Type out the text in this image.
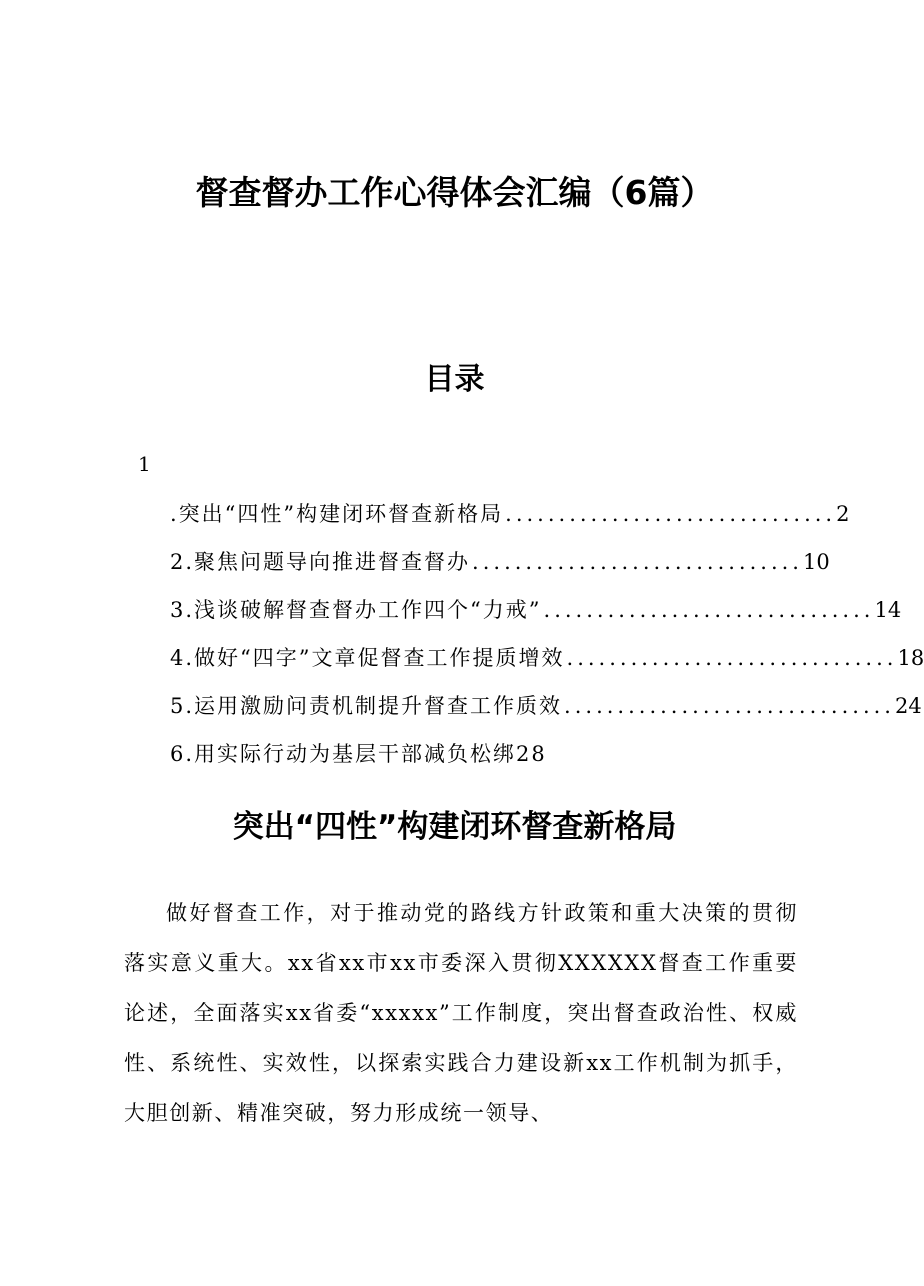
督查督办工作心得体会汇编（6篇）
目录
1
.突出“四性”构建闭环督查新格局 ............................... 2
2.聚焦问题导向推进督查督办 ............................... 10
3.浅谈破解督查督办工作四个“力戒” ............................... 14
4.做好“四字”文章促督查工作提质增效 ............................... 18
5.运用激励问责机制提升督查工作质效 ............................... 24
6.用实际行动为基层干部减负松绑28
突出“四性”构建闭环督查新格局

做好督查工作，对于推动党的路线方针政策和重大决策的贯彻落实意义重大。xx省xx市xx市委深入贯彻XXXXXX督查工作重要论述，全面落实xx省委“xxxxx”工作制度，突出督查政治性、权威性、系统性、实效性，以探索实践合力建设新xx工作机制为抓手，大胆创新、精准突破，努力形成统一领导、
